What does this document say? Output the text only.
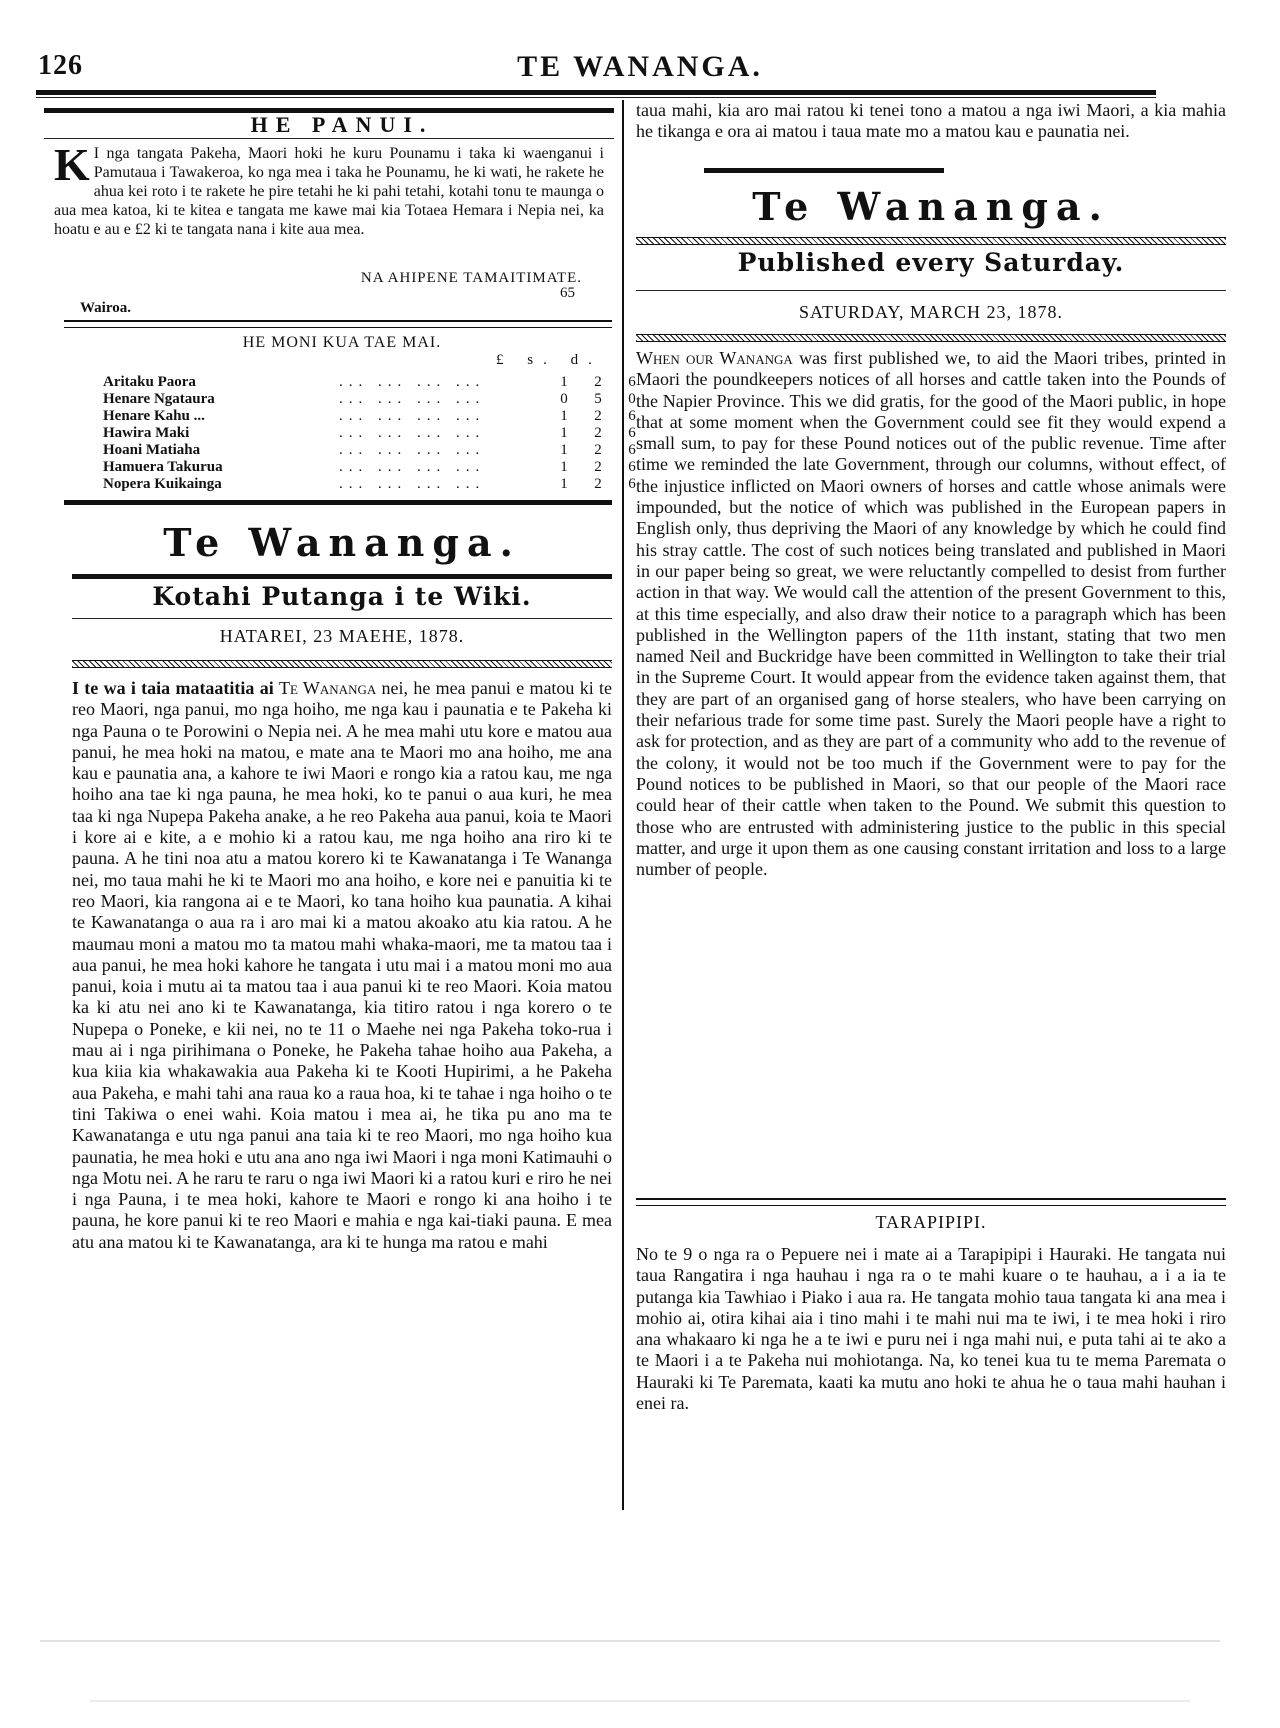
126	TE WANANGA.
HE PANUI.
K I nga tangata Pakeha, Maori hoki he kuru Pounamu i taka ki waenganui i Pamutaua i Tawakeroa, ko nga mea i taka he Pounamu, he ki wati, he rakete he ahua kei roto i te rakete he pire tetahi he ki pahi tetahi, kotahi tonu te maunga o aua mea katoa, ki te kitea e tangata me kawe mai kia Totaea Hemara i Nepia nei, ka hoatu e au e £2 ki te tangata nana i kite aua mea.
NA AHIPENE TAMAITIMATE.
65
Wairoa.
HE MONI KUA TAE MAI.
£ s. d.
Aritaku Paora	... ... ... ...	1	2	6
Henare Ngataura	... ... ... ...	0	5	0
Henare Kahu ...	... ... ... ...	1	2	6
Hawira Maki	... ... ... ...	1	2	6
Hoani Matiaha	... ... ... ...	1	2	6
Hamuera Takurua	... ... ... ...	1	2	6
Nopera Kuikainga	... ... ... ...	1	2	6
Te Wananga.
Kotahi Putanga i te Wiki.
HATAREI, 23 MAEHE, 1878.
I te wa i taia mataatitia ai Te Wananga nei, he mea panui e matou ki te reo Maori, nga panui, mo nga hoiho, me nga kau i paunatia e te Pakeha ki nga Pauna o te Porowini o Nepia nei. A he mea mahi utu kore e matou aua panui, he mea hoki na matou, e mate ana te Maori mo ana hoiho, me ana kau e paunatia ana, a kahore te iwi Maori e rongo kia a ratou kau, me nga hoiho ana tae ki nga pauna, he mea hoki, ko te panui o aua kuri, he mea taa ki nga Nupepa Pakeha anake, a he reo Pakeha aua panui, koia te Maori i kore ai e kite, a e mohio ki a ratou kau, me nga hoiho ana riro ki te pauna. A he tini noa atu a matou korero ki te Kawanatanga i Te Wananga nei, mo taua mahi he ki te Maori mo ana hoiho, e kore nei e panuitia ki te reo Maori, kia rangona ai e te Maori, ko tana hoiho kua paunatia. A kihai te Kawanatanga o aua ra i aro mai ki a matou akoako atu kia ratou. A he maumau moni a matou mo ta matou mahi whaka-maori, me ta matou taa i aua panui, he mea hoki kahore he tangata i utu mai i a matou moni mo aua panui, koia i mutu ai ta matou taa i aua panui ki te reo Maori. Koia matou ka ki atu nei ano ki te Kawanatanga, kia titiro ratou i nga korero o te Nupepa o Poneke, e kii nei, no te 11 o Maehe nei nga Pakeha toko-rua i mau ai i nga pirihimana o Poneke, he Pakeha tahae hoiho aua Pakeha, a kua kiia kia whakawakia aua Pakeha ki te Kooti Hupirimi, a he Pakeha aua Pakeha, e mahi tahi ana raua ko a raua hoa, ki te tahae i nga hoiho o te tini Takiwa o enei wahi. Koia matou i mea ai, he tika pu ano ma te Kawanatanga e utu nga panui ana taia ki te reo Maori, mo nga hoiho kua paunatia, he mea hoki e utu ana ano nga iwi Maori i nga moni Katimauhi o nga Motu nei. A he raru te raru o nga iwi Maori ki a ratou kuri e riro he nei i nga Pauna, i te mea hoki, kahore te Maori e rongo ki ana hoiho i te pauna, he kore panui ki te reo Maori e mahia e nga kai-tiaki pauna. E mea atu ana matou ki te Kawanatanga, ara ki te hunga ma ratou e mahi
taua mahi, kia aro mai ratou ki tenei tono a matou a nga iwi Maori, a kia mahia he tikanga e ora ai matou i taua mate mo a matou kau e paunatia nei.
Te Wananga.
Published every Saturday.
SATURDAY, MARCH 23, 1878.
When our Wananga was first published we, to aid the Maori tribes, printed in Maori the poundkeepers notices of all horses and cattle taken into the Pounds of the Napier Province. This we did gratis, for the good of the Maori public, in hope that at some moment when the Government could see fit they would expend a small sum, to pay for these Pound notices out of the public revenue. Time after time we reminded the late Government, through our columns, without effect, of the injustice inflicted on Maori owners of horses and cattle whose animals were impounded, but the notice of which was published in the European papers in English only, thus depriving the Maori of any knowledge by which he could find his stray cattle. The cost of such notices being translated and published in Maori in our paper being so great, we were reluctantly compelled to desist from further action in that way. We would call the attention of the present Government to this, at this time especially, and also draw their notice to a paragraph which has been published in the Wellington papers of the 11th instant, stating that two men named Neil and Buckridge have been committed in Wellington to take their trial in the Supreme Court. It would appear from the evidence taken against them, that they are part of an organised gang of horse stealers, who have been carrying on their nefarious trade for some time past. Surely the Maori people have a right to ask for protection, and as they are part of a community who add to the revenue of the colony, it would not be too much if the Government were to pay for the Pound notices to be published in Maori, so that our people of the Maori race could hear of their cattle when taken to the Pound. We submit this question to those who are entrusted with administering justice to the public in this special matter, and urge it upon them as one causing constant irritation and loss to a large number of people.
TARAPIPIPI.
No te 9 o nga ra o Pepuere nei i mate ai a Tarapipipi i Hauraki. He tangata nui taua Rangatira i nga hauhau i nga ra o te mahi kuare o te hauhau, a i a ia te putanga kia Tawhiao i Piako i aua ra. He tangata mohio taua tangata ki ana mea i mohio ai, otira kihai aia i tino mahi i te mahi nui ma te iwi, i te mea hoki i riro ana whakaaro ki nga he a te iwi e puru nei i nga mahi nui, e puta tahi ai te ako a te Maori i a te Pakeha nui mohiotanga. Na, ko tenei kua tu te mema Paremata o Hauraki ki Te Paremata, kaati ka mutu ano hoki te ahua he o taua mahi hauhan i enei ra.
